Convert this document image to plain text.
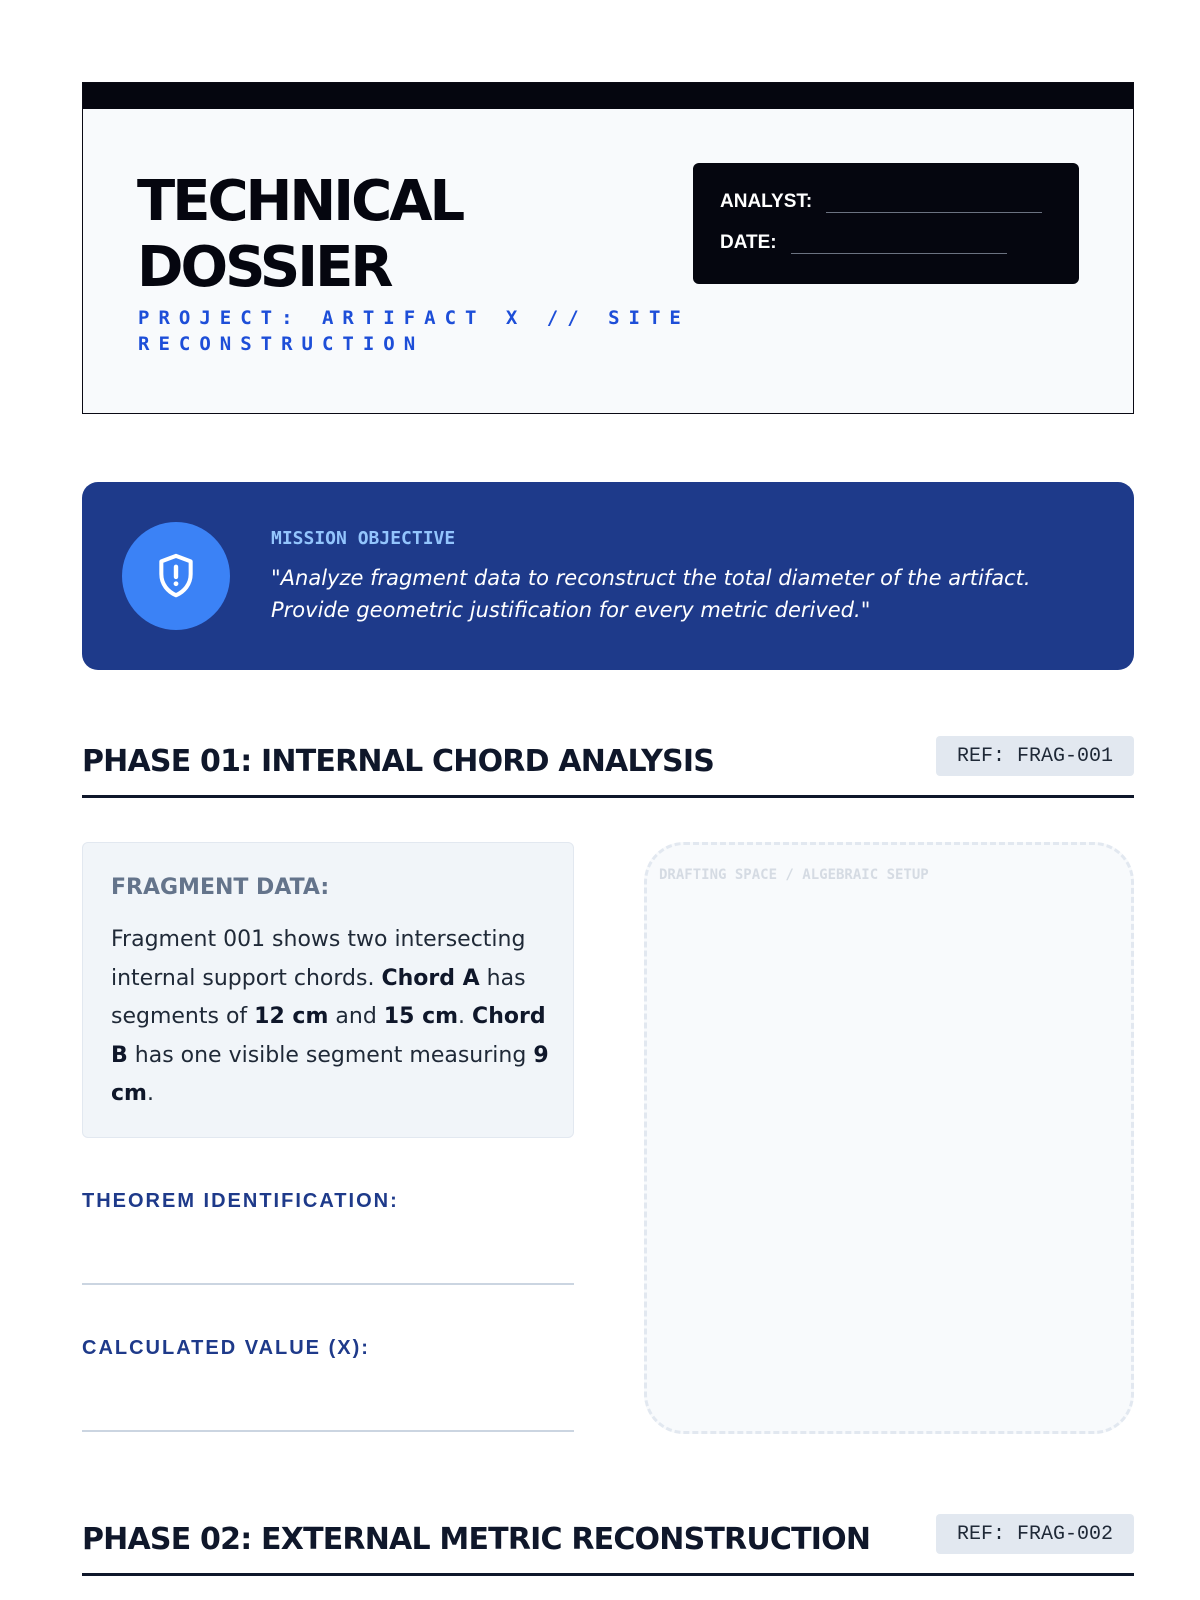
TECHNICAL
DOSSIER
PROJECT: ARTIFACT X // SITE RECONSTRUCTION
ANALYST:
DATE:
MISSION OBJECTIVE
"Analyze fragment data to reconstruct the total diameter of the artifact. Provide geometric justification for every metric derived."
PHASE 01: INTERNAL CHORD ANALYSIS	REF: FRAG-001
FRAGMENT DATA:
Fragment 001 shows two intersecting internal support chords. Chord A has segments of 12 cm and 15 cm. Chord B has one visible segment measuring 9 cm.
THEOREM IDENTIFICATION:
CALCULATED VALUE (X):
DRAFTING SPACE / ALGEBRAIC SETUP
PHASE 02: EXTERNAL METRIC RECONSTRUCTION	REF: FRAG-002
